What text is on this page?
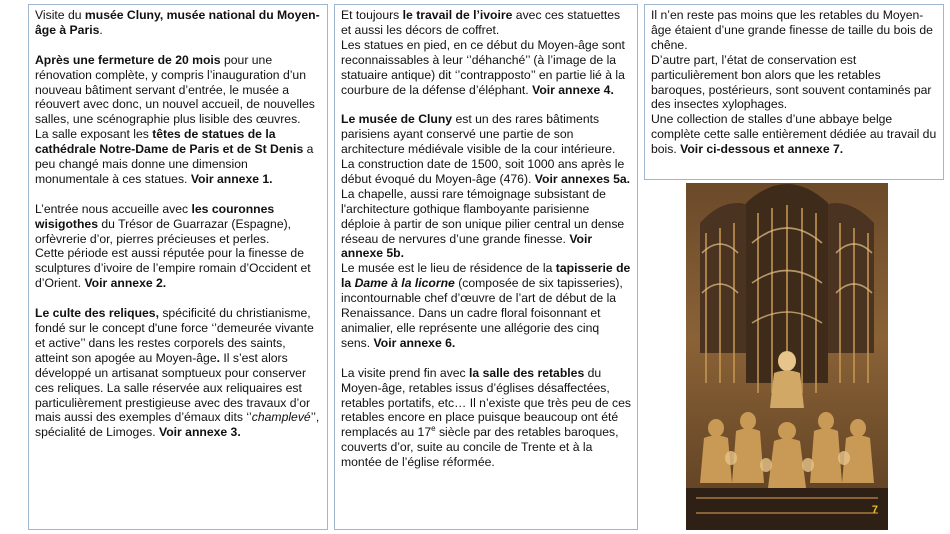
Visite du musée Cluny, musée national du Moyen-âge à Paris.

Après une fermeture de 20 mois pour une rénovation complète, y compris l’inauguration d’un nouveau bâtiment servant d’entrée, le musée a réouvert avec donc, un nouvel accueil, de nouvelles salles, une scénographie plus lisible des œuvres.

La salle exposant les têtes de statues de la cathédrale Notre-Dame de Paris et de St Denis a peu changé mais donne une dimension monumentale à ces statues. Voir annexe 1.

L’entrée nous accueille avec les couronnes wisigothes du Trésor de Guarrazar (Espagne), orfèvrerie d’or, pierres précieuses et perles.

Cette période est aussi réputée pour la finesse de sculptures d’ivoire de l’empire romain d’Occident et d’Orient. Voir annexe 2.

Le culte des reliques, spécificité du christianisme, fondé sur le concept d'une force ‘’demeurée vivante et active’’ dans les restes corporels des saints, atteint son apogée au Moyen-âge. Il s’est alors développé un artisanat somptueux pour conserver ces reliques. La salle réservée aux reliquaires est particulièrement prestigieuse avec des travaux d’or mais aussi des exemples d’émaux dits ‘’champlevé’’, spécialité de Limoges. Voir annexe 3.

Et toujours le travail de l’ivoire avec ces statuettes et aussi les décors de coffret.

Les statues en pied, en ce début du Moyen-âge sont reconnaissables à leur ‘’déhanché’’ (à l’image de la statuaire antique) dit ‘’contrapposto’’ en partie lié à la courbure de la défense d’éléphant. Voir annexe 4.

Le musée de Cluny est un des rares bâtiments parisiens ayant conservé une partie de son architecture médiévale visible de la cour intérieure. La construction date de 1500, soit 1000 ans après le début évoqué du Moyen-âge (476). Voir annexes 5a.

La chapelle, aussi rare témoignage subsistant de l'architecture gothique flamboyante parisienne déploie à partir de son unique pilier central un dense réseau de nervures d’une grande finesse. Voir annexe 5b.

Le musée est le lieu de résidence de la tapisserie de la Dame à la licorne (composée de six tapisseries), incontournable chef d’œuvre de l’art de début de la Renaissance. Dans un cadre floral foisonnant et animalier, elle représente une allégorie des cinq sens. Voir annexe 6.

La visite prend fin avec la salle des retables du Moyen-âge, retables issus d’églises désaffectées, retables portatifs, etc… Il n’existe que très peu de ces retables encore en place puisque beaucoup ont été remplacés au 17e siècle par des retables baroques, couverts d’or, suite au concile de Trente et à la montée de l’église réformée.

Il n’en reste pas moins que les retables du Moyen-âge étaient d’une grande finesse de taille du bois de chêne.

D’autre part, l’état de conservation est particulièrement bon alors que les retables baroques, postérieurs, sont souvent contaminés par des insectes xylophages.

Une collection de stalles d’une abbaye belge complète cette salle entièrement dédiée au travail du bois. Voir ci-dessous et annexe 7.

7
